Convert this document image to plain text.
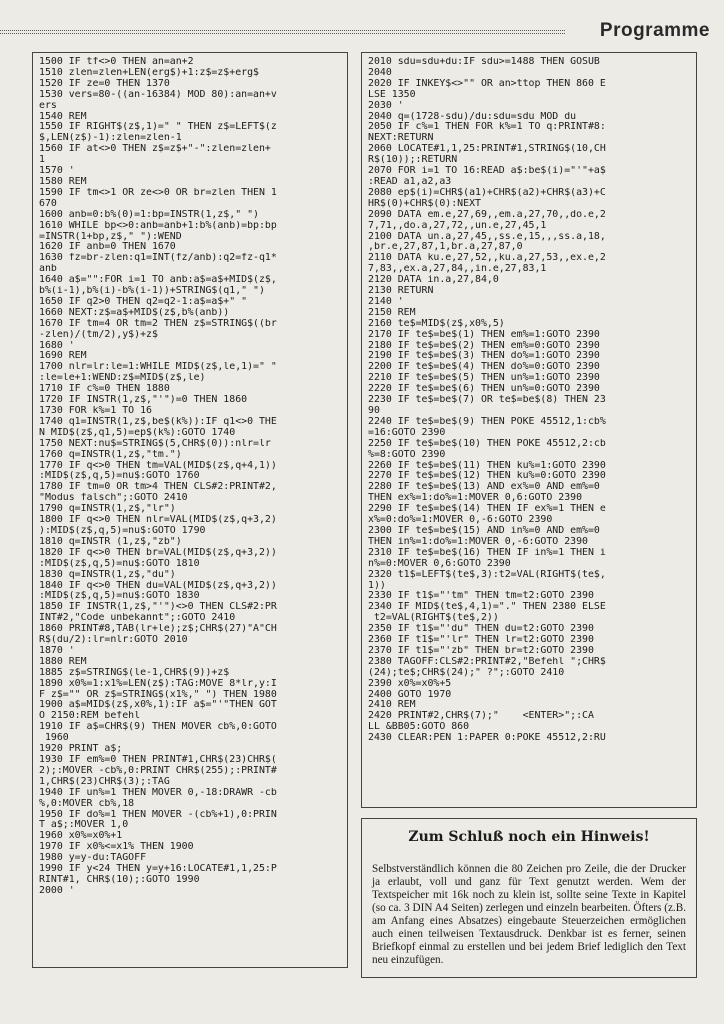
Programme
1500 IF tf<>0 THEN an=an+2
1510 zlen=zlen+LEN(erg$)+1:z$=z$+erg$
1520 IF ze=0 THEN 1370
1530 vers=80-((an-16384) MOD 80):an=an+v
ers
1540 REM
1550 IF RIGHT$(z$,1)=" " THEN z$=LEFT$(z
$,LEN(z$)-1):zlen=zlen-1
1560 IF at<>0 THEN z$=z$+"-":zlen=zlen+
1
1570 '
1580 REM
1590 IF tm<>1 OR ze<>0 OR br=zlen THEN 1
670
1600 anb=0:b%(0)=1:bp=INSTR(1,z$," ")
1610 WHILE bp<>0:anb=anb+1:b%(anb)=bp:bp
=INSTR(1+bp,z$," "):WEND
1620 IF anb=0 THEN 1670
1630 fz=br-zlen:q1=INT(fz/anb):q2=fz-q1*
anb
1640 a$="":FOR i=1 TO anb:a$=a$+MID$(z$,
b%(i-1),b%(i)-b%(i-1))+STRING$(q1," ")
1650 IF q2>0 THEN q2=q2-1:a$=a$+" "
1660 NEXT:z$=a$+MID$(z$,b%(anb))
1670 IF tm=4 OR tm=2 THEN z$=STRING$((br
-zlen)/(tm/2),y$)+z$
1680 '
1690 REM
1700 nlr=lr:le=1:WHILE MID$(z$,le,1)=" "
:le=le+1:WEND:z$=MID$(z$,le)
1710 IF c%=0 THEN 1880
1720 IF INSTR(1,z$,"'")=0 THEN 1860
1730 FOR k%=1 TO 16
1740 q1=INSTR(1,z$,be$(k%)):IF q1<>0 THE
N MID$(z$,q1,5)=ep$(k%):GOTO 1740
1750 NEXT:nu$=STRING$(5,CHR$(0)):nlr=lr
1760 q=INSTR(1,z$,"tm.")
1770 IF q<>0 THEN tm=VAL(MID$(z$,q+4,1))
:MID$(z$,q,5)=nu$:GOTO 1760
1780 IF tm=0 OR tm>4 THEN CLS#2:PRINT#2,
"Modus falsch";:GOTO 2410
1790 q=INSTR(1,z$,"lr")
1800 IF q<>0 THEN nlr=VAL(MID$(z$,q+3,2)
):MID$(z$,q,5)=nu$:GOTO 1790
1810 q=INSTR (1,z$,"zb")
1820 IF q<>0 THEN br=VAL(MID$(z$,q+3,2))
:MID$(z$,q,5)=nu$:GOTO 1810
1830 q=INSTR(1,z$,"du")
1840 IF q<>0 THEN du=VAL(MID$(z$,q+3,2))
:MID$(z$,q,5)=nu$:GOTO 1830
1850 IF INSTR(1,z$,"'")<>0 THEN CLS#2:PR
INT#2,"Code unbekannt";:GOTO 2410
1860 PRINT#8,TAB(lr+le);z$;CHR$(27)"A"CH
R$(du/2):lr=nlr:GOTO 2010
1870 '
1880 REM
1885 z$=STRING$(le-1,CHR$(9))+z$
1890 x0%=1:x1%=LEN(z$):TAG:MOVE 8*lr,y:I
F z$="" OR z$=STRING$(x1%," ") THEN 1980
1900 a$=MID$(z$,x0%,1):IF a$="'"THEN GOT
O 2150:REM befehl
1910 IF a$=CHR$(9) THEN MOVER cb%,0:GOTO
1960
1920 PRINT a$;
1930 IF em%=0 THEN PRINT#1,CHR$(23)CHR$(
2);:MOVER -cb%,0:PRINT CHR$(255);:PRINT#
1,CHR$(23)CHR$(3);:TAG
1940 IF un%=1 THEN MOVER 0,-18:DRAWR -cb
%,0:MOVER cb%,18
1950 IF do%=1 THEN MOVER -(cb%+1),0:PRIN
T a$;:MOVER 1,0
1960 x0%=x0%+1
1970 IF x0%<=x1% THEN 1900
1980 y=y-du:TAGOFF
1990 IF y<24 THEN y=y+16:LOCATE#1,1,25:P
RINT#1, CHR$(10);:GOTO 1990
2000 '
2010 sdu=sdu+du:IF sdu>=1488 THEN GOSUB
2040
2020 IF INKEY$<>"" OR an>ttop THEN 860 E
LSE 1350
2030 '
2040 q=(1728-sdu)/du:sdu=sdu MOD du
2050 IF c%=1 THEN FOR k%=1 TO q:PRINT#8:
NEXT:RETURN
2060 LOCATE#1,1,25:PRINT#1,STRING$(10,CH
R$(10));:RETURN
2070 FOR i=1 TO 16:READ a$:be$(i)="'"+a$
:READ a1,a2,a3
2080 ep$(i)=CHR$(a1)+CHR$(a2)+CHR$(a3)+C
HR$(0)+CHR$(0):NEXT
2090 DATA em.e,27,69,,em.a,27,70,,do.e,2
7,71,,do.a,27,72,,un.e,27,45,1
2100 DATA un.a,27,45,,ss.e,15,,,ss.a,18,
,br.e,27,87,1,br.a,27,87,0
2110 DATA ku.e,27,52,,ku.a,27,53,,ex.e,2
7,83,,ex.a,27,84,,in.e,27,83,1
2120 DATA in.a,27,84,0
2130 RETURN
2140 '
2150 REM
2160 te$=MID$(z$,x0%,5)
2170 IF te$=be$(1) THEN em%=1:GOTO 2390
2180 IF te$=be$(2) THEN em%=0:GOTO 2390
2190 IF te$=be$(3) THEN do%=1:GOTO 2390
2200 IF te$=be$(4) THEN do%=0:GOTO 2390
2210 IF te$=be$(5) THEN un%=1:GOTO 2390
2220 IF te$=be$(6) THEN un%=0:GOTO 2390
2230 IF te$=be$(7) OR te$=be$(8) THEN 23
90
2240 IF te$=be$(9) THEN POKE 45512,1:cb%
=16:GOTO 2390
2250 IF te$=be$(10) THEN POKE 45512,2:cb
%=8:GOTO 2390
2260 IF te$=be$(11) THEN ku%=1:GOTO 2390
2270 IF te$=be$(12) THEN ku%=0:GOTO 2390
2280 IF te$=be$(13) AND ex%=0 AND em%=0
THEN ex%=1:do%=1:MOVER 0,6:GOTO 2390
2290 IF te$=be$(14) THEN IF ex%=1 THEN e
x%=0:do%=1:MOVER 0,-6:GOTO 2390
2300 IF te$=be$(15) AND in%=0 AND em%=0
THEN in%=1:do%=1:MOVER 0,-6:GOTO 2390
2310 IF te$=be$(16) THEN IF in%=1 THEN i
n%=0:MOVER 0,6:GOTO 2390
2320 t1$=LEFT$(te$,3):t2=VAL(RIGHT$(te$,
1))
2330 IF t1$="'tm" THEN tm=t2:GOTO 2390
2340 IF MID$(te$,4,1)="." THEN 2380 ELSE
t2=VAL(RIGHT$(te$,2))
2350 IF t1$="'du" THEN du=t2:GOTO 2390
2360 IF t1$="'lr" THEN lr=t2:GOTO 2390
2370 IF t1$="'zb" THEN br=t2:GOTO 2390
2380 TAGOFF:CLS#2:PRINT#2,"Befehl ";CHR$
(24);te$;CHR$(24);" ?";:GOTO 2410
2390 x0%=x0%+5
2400 GOTO 1970
2410 REM
2420 PRINT#2,CHR$(7);"    <ENTER>";:CA
LL &BB05:GOTO 860
2430 CLEAR:PEN 1:PAPER 0:POKE 45512,2:RU
Zum Schluß noch ein Hinweis!

Selbstverständlich können die 80 Zeichen pro Zeile, die der Drucker ja erlaubt, voll und ganz für Text genutzt werden. Wem der Textspeicher mit 16k noch zu klein ist, sollte seine Texte in Kapitel (so ca. 3 DIN A4 Seiten) zerlegen und einzeln bearbeiten. Öfters (z.B. am Anfang eines Absatzes) eingebaute Steuerzeichen ermöglichen auch einen teilweisen Textausdruck. Denkbar ist es ferner, seinen Briefkopf einmal zu erstellen und bei jedem Brief lediglich den Text neu einzufügen.
